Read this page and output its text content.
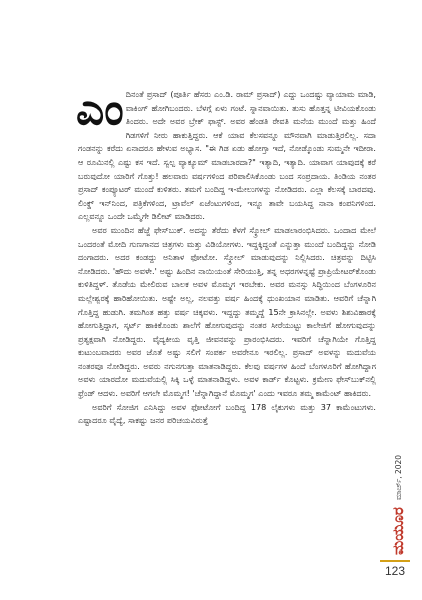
ಎಂದಿನಂತೆ ಪ್ರಸಾದ್ (ಪೂರ್ತಿ ಹೆಸರು ಎಂ.ಡಿ. ರಾಮ್ ಪ್ರಸಾದ್) ಎದ್ದು ಒಂದಷ್ಟು ವ್ಯಾಯಾಮ ಮಾಡಿ, ವಾಕಿಂಗ್ ಹೋಗಿಬಂದರು. ಬೆಳಗ್ಗೆ ಏಳು ಗಂಟೆ. ಸ್ನಾನವಾಯಿತು. ತುಸು ಹೊತ್ತನ್ನ ಟೀವಿಯಕೊಂಡು ತಿಂದರು. ಅದೇ ಅವರ ಬ್ರೇಕ್ ಫಾಸ್ಟ್. ಅವರ ಹೆಂಡತಿ ರೇವತಿ ಮನೆಯ ಮುಂದೆ ಮತ್ತು ಹಿಂದೆ ಗಿಡಗಳಿಗೆ ನೀರು ಹಾಕುತ್ತಿದ್ದರು. ಆಕೆ ಯಾವ ಕೆಲಸವನ್ನೂ ಮೌನವಾಗಿ ಮಾಡುತ್ತಿರಲಿಲ್ಲ. ಸದಾ ಗಂಡನನ್ನು ಕರೆದು ಏನಾದರೂ ಹೇಳುವ ಅಭ್ಯಾಸ. "ಈ ಗಿಡ ಏಡು ಹೋಗ್ತಾ ಇದೆ, ನೋಡ್ಕೊಂಡು ಸುಮ್ಮನೇ ಇದೀರಾ. ಆ ರೂಮಿನಲ್ಲಿ ಎಷ್ಟು ಕಸ ಇದೆ. ಸ್ವಲ್ಪ ವ್ಯಾಕ್ಯೂಮ್ ಮಾಡಬಾರದಾ?" ಇತ್ಯಾದಿ, ಇತ್ಯಾದಿ. ಯಾವಾಗ ಯಾವುದಕ್ಕೆ ಕರೆ ಬರುವುದೋ ಯಾರಿಗೆ ಗೊತ್ತು! ಹಲವಾರು ವರ್ಷಗಳಿಂದ ಪರಿಪಾಲಿಸಿಕೊಂಡು ಬಂದ ಸಂಪ್ರದಾಯ. ತಿಂಡಿಯ ನಂತರ ಪ್ರಸಾದ್ ಕಂಪ್ಯೂಟರ್ ಮುಂದೆ ಕುಳಿತರು. ತಮಗೆ ಬಂದಿದ್ದ ಇ-ಮೇಲುಗಳನ್ನು ನೋಡಿದರು. ಎಲ್ಲಾ ಕೆಲಸಕ್ಕೆ ಬಾರದವು. ಲಿಂಕ್ಡ್ ಇನ್‌ನಿಂದ, ಪತ್ರಿಕೆಗಳಿಂದ, ಟ್ರಾವೆಲ್ ಏಜೆಂಟುಗಳಿಂದ, ಇನ್ನೂ ತಾವೇ ಬಯಸಿದ್ದ ನಾನಾ ಕಂಪನಿಗಳಿಂದ. ಎಲ್ಲವನ್ನೂ ಒಂದೇ ಒಮ್ಮೆಗೇ ಡಿಲೀಟ್ ಮಾಡಿದರು.

ಅವರ ಮುಂದಿನ ಹೆಜ್ಜೆ ಫೇಸ್‌ಬುಕ್. ಅದನ್ನು ತೆರೆದು ಕೆಳಗೆ ಸ್ಕ್ರೋಲ್ ಮಾಡಲಾರಂಭಿಸಿದರು. ಒಂದಾದ ಮೇಲೆ ಒಂದರಂತೆ ಮೋದಿ ಗುಣಗಾನದ ಚಿತ್ರಗಳು ಮತ್ತು ವಿಡಿಯೋಗಳು. ಇದ್ದಕ್ಕಿದ್ದಂತೆ ಎನ್ನುತ್ತಾ ಮುಂದೆ ಬಂದಿದ್ದನ್ನು ನೋಡಿ ದಂಗಾದರು. ಅದರ ಕಂಡದ್ದು ಅನಿತಾಳ ಫೋಟೋ. ಸ್ಕ್ರೋಲ್ ಮಾಡುವುದನ್ನು ನಿಲ್ಲಿಸಿದರು. ಚಿತ್ರವನ್ನು ದಿಟ್ಟಿಸಿ ನೋಡಿದರು. 'ಹೌದು ಅವಳೇ.' ಅಷ್ಟು ಹಿಂದಿನ ನಾಯಿಯಂತೆ ಸೇರಿಯುತ್ತಿ, ತನ್ನ ಅಧರಗಳನ್ನಷ್ಟೆ ಪ್ರಾಪ್ರಿಯೇಟರ್‌ಕೊಂಡು ಕುಳಿತಿದ್ದಳ್. ತೊಡೆಯ ಮೇಲಿರುವ ಬಾಲಕ ಅವಳ ಮೊಮ್ಮಗ ಇರಬೇಕು. ಅವರ ಮನಸ್ಸು ಸಿದ್ಧಿಯಿಂದ ಬೆಂಗಳೂರಿನ ಮಲ್ಲೇಶ್ವರಕ್ಕೆ ಹಾರಿಹೋಯಿತು. ಅಷ್ಟೇ ಅಲ್ಲ, ನಲವತ್ತು ವರ್ಷ ಹಿಂದಕ್ಕೆ ಧುಂಖಯಾನ ಮಾಡಿತು. ಆವರಿಗೆ ಚೆನ್ನಾಗಿ ಗೊತ್ತಿದ್ದ ಹುಡುಗಿ. ತಮಗಿಂತ ಹತ್ತು ವರ್ಷ ಚಿಕ್ಕವಳು. ಇದ್ದದ್ದು ತಮ್ಮದ್ದೆ 15ನೇ ಕ್ರಾಸಿನಲ್ಲೇ. ಅವಳು ಶಿಶುವಿಹಾರಕ್ಕೆ ಹೋಗುತ್ತಿದ್ದಾಗ, ಸ್ಕರ್ಟ್ ಹಾಕಿಕೊಂಡು ಶಾಲೆಗೆ ಹೋಗುವುದನ್ನು ನಂತರ ಸೀರೆಯುಟ್ಟು ಕಾಲೇಜಿಗೆ ಹೋಗುವುದನ್ನು ಪ್ರತ್ಯಕ್ಷವಾಗಿ ನೋಡಿದ್ದರು. ವೈದ್ಯಕೀಯ ವೃತ್ತಿ ಜೀವನವನ್ನು ಪ್ರಾರಂಭಿಸಿದರು. ಇವರಿಗೆ ಚೆನ್ನಾಗಿಯೇ ಗೊತ್ತಿದ್ದ ಕುಟುಂಬವಾದರು ಅವರ ಜೊತೆ ಅಷ್ಟು ಸಲಿಗೆ ಸಂಪರ್ಕ ಅವರೇನೂ ಇರಲಿಲ್ಲ. ಪ್ರಸಾದ್ ಅವಳನ್ನು ಮದುವೆಯ ನಂತರವೂ ನೋಡಿದ್ದರು. ಅವರು ನಗುನಗುತ್ತಾ ಮಾತನಾಡಿದ್ದರು. ಕೆಲವು ವರ್ಷಗಳ ಹಿಂದೆ ಬೆಂಗಳೂರಿಗೆ ಹೋಗಿದ್ದಾಗ ಅವಳು ಯಾರದೋ ಮದುವೆಯಲ್ಲಿ ಸಿಕ್ಕಿ ಒಳ್ಳೆ ಮಾತನಾಡಿದ್ದಳು. ಅವಳ ಕಾರ್ಡ್ ಕೊಟ್ಟಳು. ಕ್ರಮೇಣ ಫೇಸ್‌ಬುಕ್‌ನಲ್ಲಿ ಫ್ರೆಂಡ್ ಆದಳು. ಅವರಿಗೆ ಆಗಲೇ ಮೊಮ್ಮಗ! 'ಚೆನ್ನಾಗಿದ್ದಾನೆ ಮೊಮ್ಮಗ' ಎಂದು ಇವರೂ ತಮ್ಮ ಕಾಮೆಂಟ್ ಹಾಕಿದರು.

ಅವರಿಗೆ ಸೋಜಿಗ ಎನಿಸಿದ್ದು ಅವಳ ಫೋಟೋಗೆ ಬಂದಿದ್ದ 178 ಲೈಕುಗಳು ಮತ್ತು 37 ಕಾಮೆಂಟುಗಳು. ಎಷ್ಟಾದರೂ ವೈದ್ಯೆ, ಸಾಕಷ್ಟು ಜನರ ಪರಿಚಯವಿರುತ್ತೆ

ಮಾರ್ಚ್, 2020
ಮಯೂರ
123
